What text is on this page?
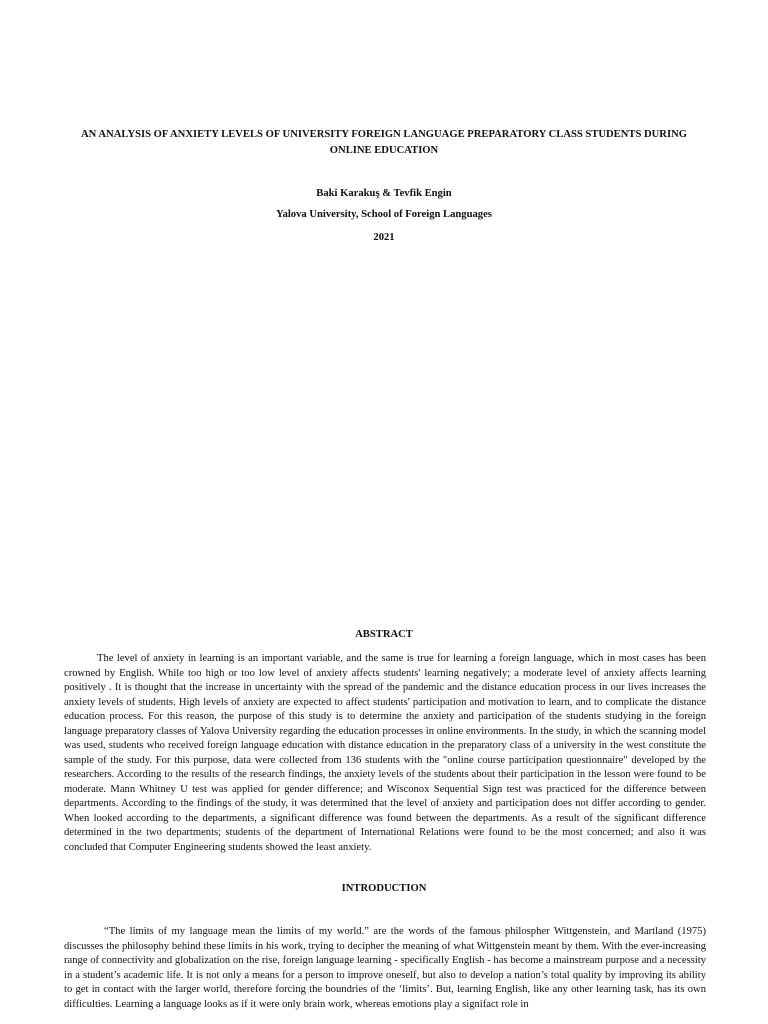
AN ANALYSIS OF ANXIETY LEVELS OF UNIVERSITY FOREIGN LANGUAGE PREPARATORY CLASS STUDENTS DURING ONLINE EDUCATION

Baki Karakuş & Tevfik Engin

Yalova University, School of Foreign Languages

2021

ABSTRACT

The level of anxiety in learning is an important variable, and the same is true for learning a foreign language, which in most cases has been crowned by English. While too high or too low level of anxiety affects students' learning negatively; a moderate level of anxiety affects learning positively . It is thought that the increase in uncertainty with the spread of the pandemic and the distance education process in our lives increases the anxiety levels of students. High levels of anxiety are expected to affect students' participation and motivation to learn, and to complicate the distance education process. For this reason, the purpose of this study is to determine the anxiety and participation of the students studying in the foreign language preparatory classes of Yalova University regarding the education processes in online environments. In the study, in which the scanning model was used, students who received foreign language education with distance education in the preparatory class of a university in the west constitute the sample of the study. For this purpose, data were collected from 136 students with the "online course participation questionnaire" developed by the researchers. According to the results of the research findings, the anxiety levels of the students about their participation in the lesson were found to be moderate. Mann Whitney U test was applied for gender difference; and Wisconox Sequential Sign test was practiced for the difference between departments. According to the findings of the study, it was determined that the level of anxiety and participation does not differ according to gender. When looked according to the departments, a significant difference was found between the departments. As a result of the significant difference determined in the two departments; students of the department of International Relations were found to be the most concerned; and also it was concluded that Computer Engineering students showed the least anxiety.

INTRODUCTION

“The limits of my language mean the limits of my world.” are the words of the famous philospher Wittgenstein, and Martland (1975) discusses the philosophy behind these limits in his work, trying to decipher the meaning of what Wittgenstein meant by them. With the ever-increasing range of connectivity and globalization on the rise, foreign language learning - specifically English - has become a mainstream purpose and a necessity in a student’s academic life. It is not only a means for a person to improve oneself, but also to develop a nation’s total quality by improving its ability to get in contact with the larger world, therefore forcing the boundries of the ‘limits’. But, learning English, like any other learning task, has its own difficulties. Learning a language looks as if it were only brain work, whereas emotions play a signifact role in
